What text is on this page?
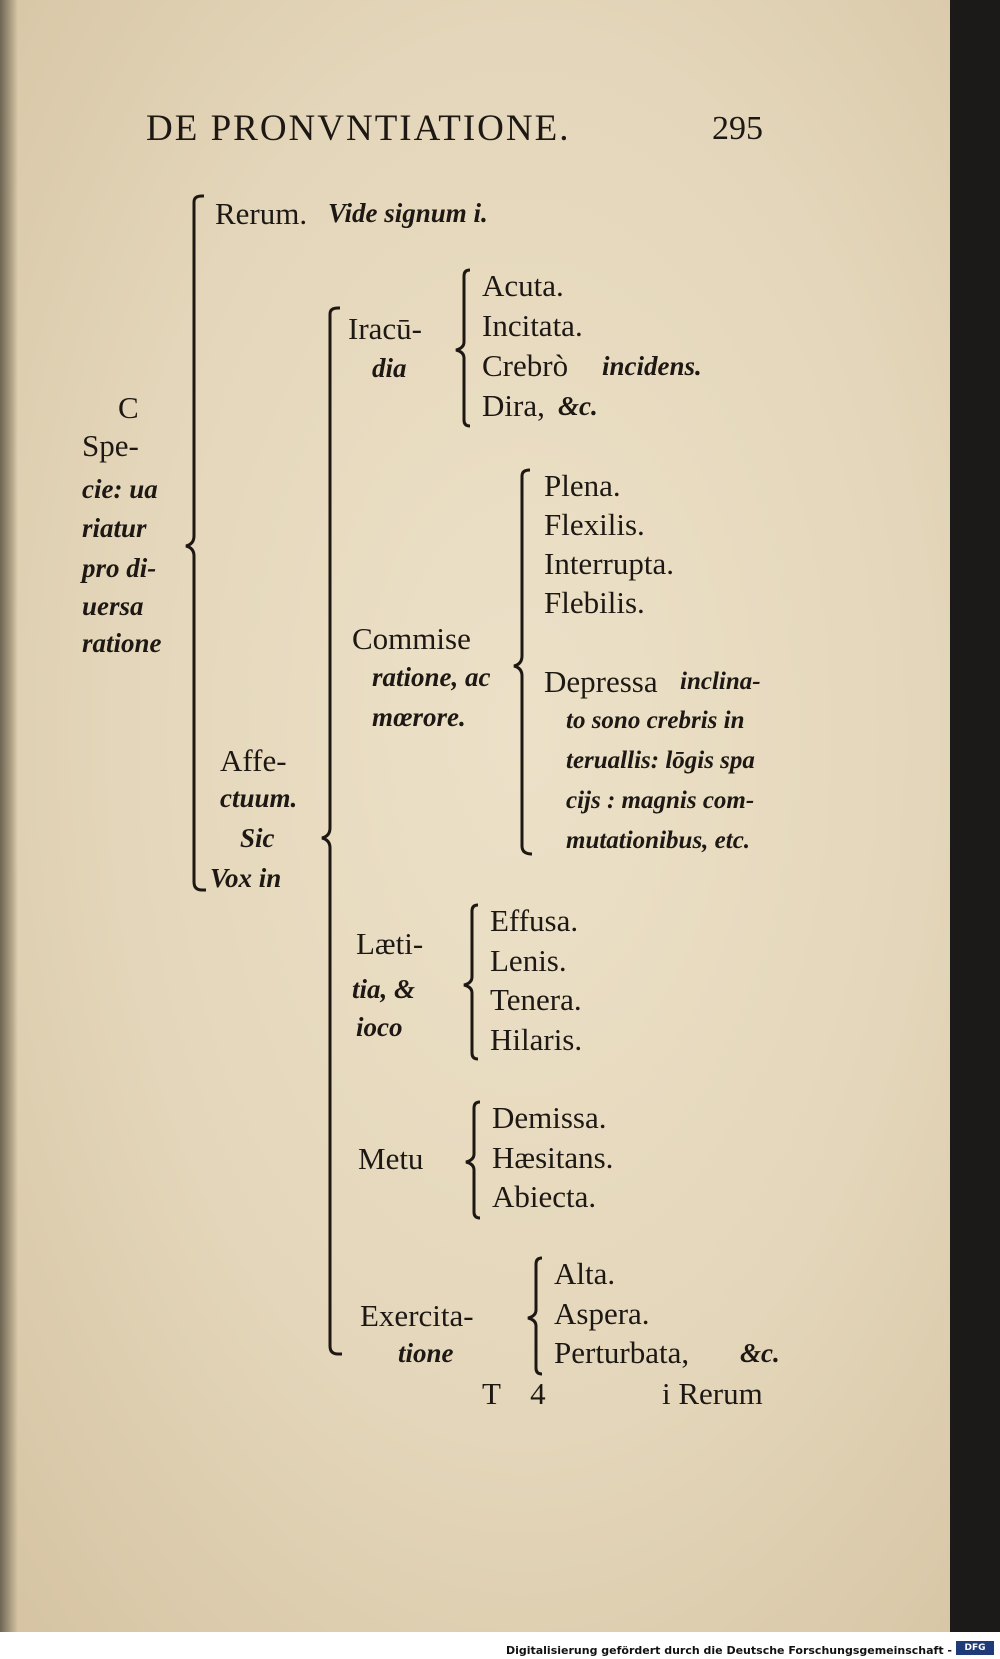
DE PRONVNTIATIONE.	295
C
Spe-
cie: ua
riatur
pro di-
uersa
ratione
Rerum. Vide signum i.
Affe-
ctuum.
Sic
Vox in
Iracū-
dia
Acuta.
Incitata.
Crebrò incidens.
Dira, &c.
Commise
ratione, ac
mœrore.
Plena.
Flexilis.
Interrupta.
Flebilis.
Depressa inclina-
to sono crebris in
teruallis: lōgis spa
cijs : magnis com-
mutationibus, etc.
Læti-
tia, &
ioco
Effusa.
Lenis.
Tenera.
Hilaris.
Metu
Demissa.
Hæsitans.
Abiecta.
Exercita-
tione
Alta.
Aspera.
Perturbata, &c.
T 4	i Rerum
Digitalisierung gefördert durch die Deutsche Forschungsgemeinschaft -	DFG
